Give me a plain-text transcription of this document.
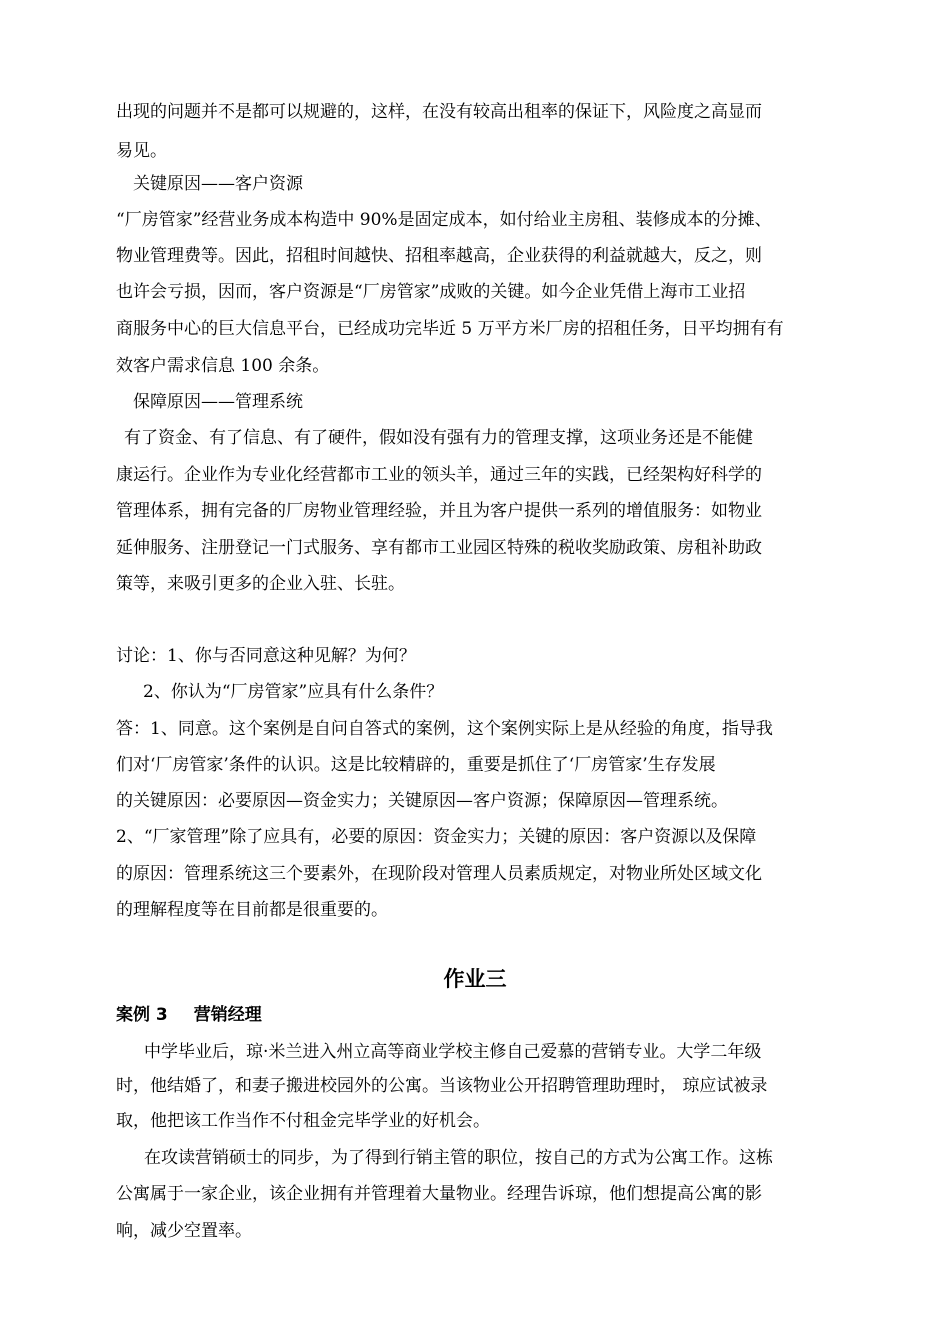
出现的问题并不是都可以规避的，这样，在没有较高出租率的保证下，风险度之高显而

易见。

关键原因——客户资源

“厂房管家”经营业务成本构造中 90%是固定成本，如付给业主房租、装修成本的分摊、

物业管理费等。因此，招租时间越快、招租率越高，企业获得的利益就越大，反之，则

也许会亏损，因而，客户资源是“厂房管家”成败的关键。如今企业凭借上海市工业招

商服务中心的巨大信息平台，已经成功完毕近 5 万平方米厂房的招租任务，日平均拥有有

效客户需求信息 100 余条。

保障原因——管理系统

有了资金、有了信息、有了硬件，假如没有强有力的管理支撑，这项业务还是不能健

康运行。企业作为专业化经营都市工业的领头羊，通过三年的实践，已经架构好科学的

管理体系，拥有完备的厂房物业管理经验，并且为客户提供一系列的增值服务：如物业

延伸服务、注册登记一门式服务、享有都市工业园区特殊的税收奖励政策、房租补助政

策等，来吸引更多的企业入驻、长驻。

讨论：1、你与否同意这种见解？为何？

2、你认为“厂房管家”应具有什么条件？

答：1、同意。这个案例是自问自答式的案例，这个案例实际上是从经验的角度，指导我

们对‘厂房管家’条件的认识。这是比较精辟的，重要是抓住了‘厂房管家’生存发展

的关键原因：必要原因—资金实力；关键原因—客户资源；保障原因—管理系统。

2、“厂家管理”除了应具有，必要的原因：资金实力；关键的原因：客户资源以及保障

的原因：管理系统这三个要素外，在现阶段对管理人员素质规定，对物业所处区域文化

的理解程度等在目前都是很重要的。

作业三

案例 3 营销经理

中学毕业后，琼·米兰进入州立高等商业学校主修自己爱慕的营销专业。大学二年级

时，他结婚了，和妻子搬进校园外的公寓。当该物业公开招聘管理助理时， 琼应试被录

取，他把该工作当作不付租金完毕学业的好机会。

在攻读营销硕士的同步，为了得到行销主管的职位，按自己的方式为公寓工作。这栋

公寓属于一家企业，该企业拥有并管理着大量物业。经理告诉琼，他们想提高公寓的影

响，减少空置率。
